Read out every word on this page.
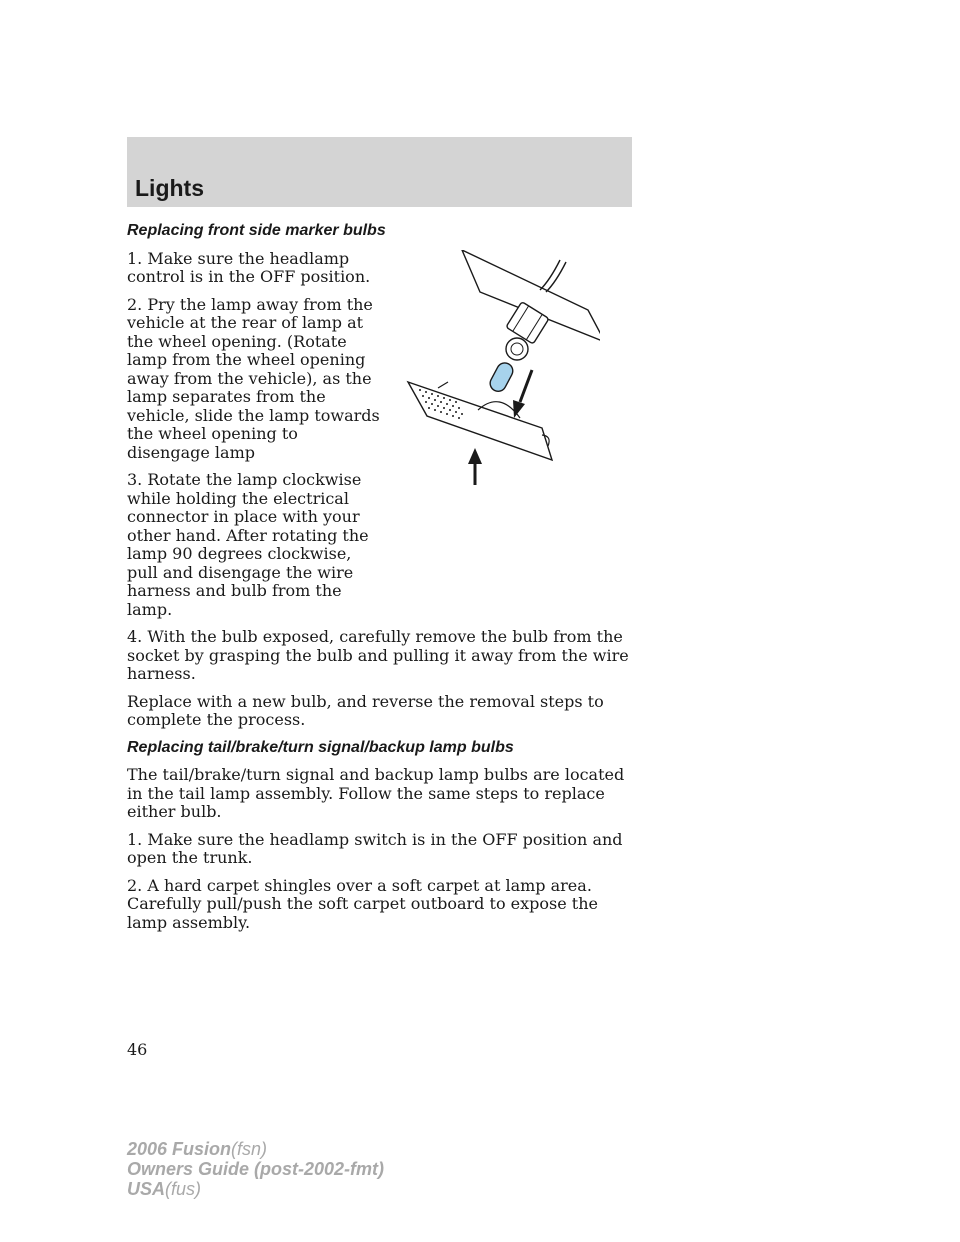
Lights

Replacing front side marker bulbs

1. Make sure the headlamp control is in the OFF position.

2. Pry the lamp away from the vehicle at the rear of lamp at the wheel opening. (Rotate lamp from the wheel opening away from the vehicle), as the lamp separates from the vehicle, slide the lamp towards the wheel opening to disengage lamp

3. Rotate the lamp clockwise while holding the electrical connector in place with your other hand. After rotating the lamp 90 degrees clockwise, pull and disengage the wire harness and bulb from the lamp.

4. With the bulb exposed, carefully remove the bulb from the socket by grasping the bulb and pulling it away from the wire harness.

Replace with a new bulb, and reverse the removal steps to complete the process.

Replacing tail/brake/turn signal/backup lamp bulbs

The tail/brake/turn signal and backup lamp bulbs are located in the tail lamp assembly. Follow the same steps to replace either bulb.

1. Make sure the headlamp switch is in the OFF position and open the trunk.

2. A hard carpet shingles over a soft carpet at lamp area. Carefully pull/push the soft carpet outboard to expose the lamp assembly.

46

2006 Fusion(fsn)
Owners Guide (post-2002-fmt)
USA(fus)
